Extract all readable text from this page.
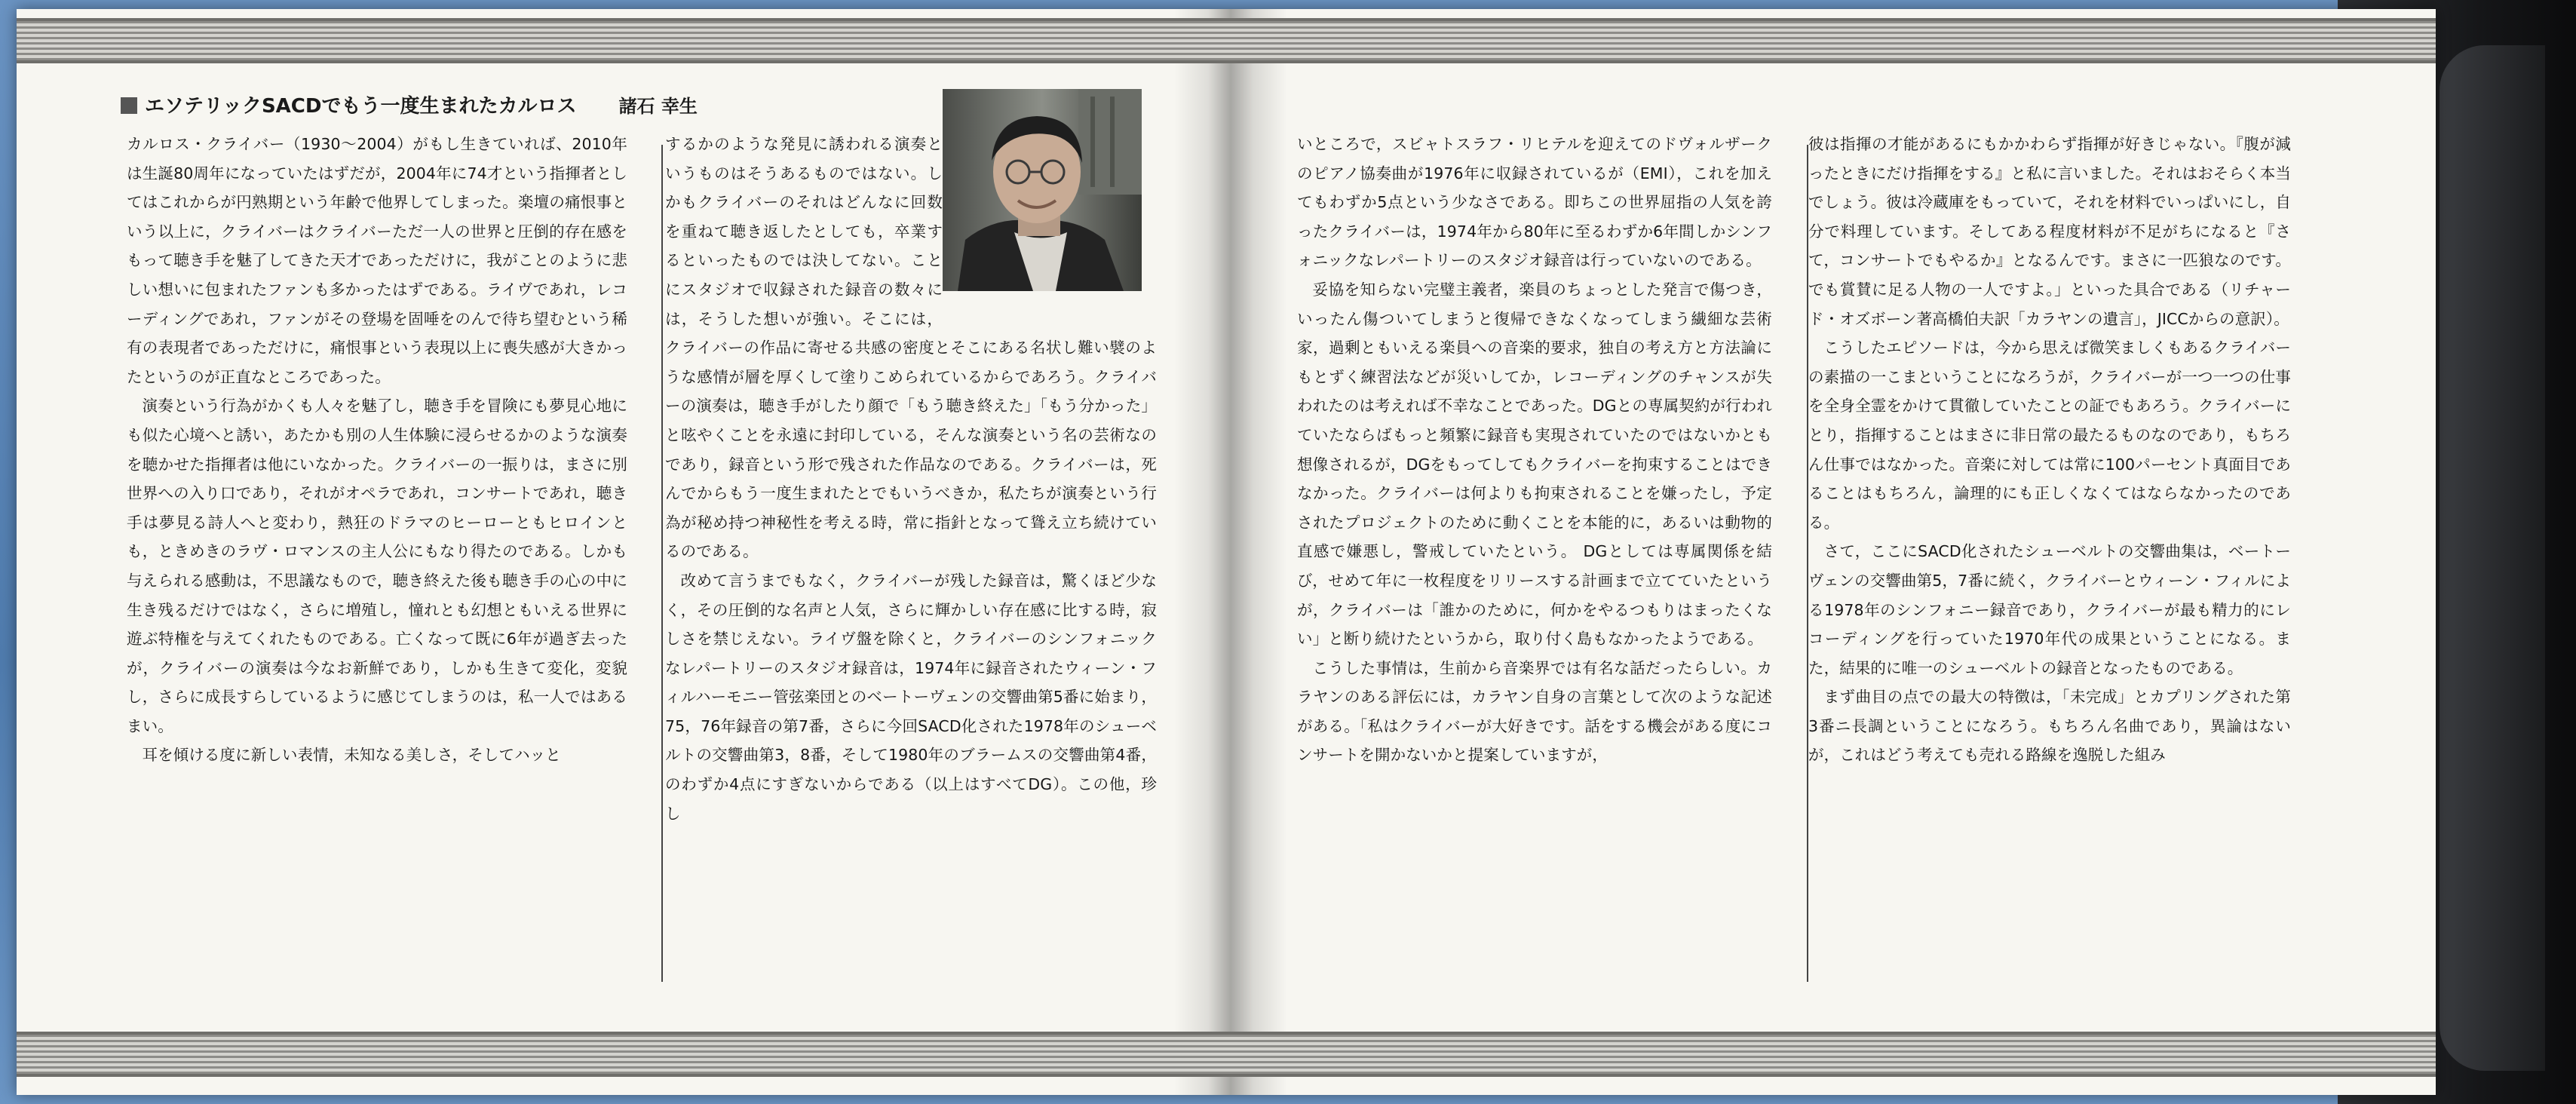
エソテリックSACDでもう一度生まれたカルロス 諸石 幸生

カルロス・クライバー（1930〜2004）がもし生きていれば、2010年は生誕80周年になっていたはずだが，2004年に74才という指揮者としてはこれからが円熟期という年齢で他界してしまった。楽壇の痛恨事という以上に，クライバーはクライバーただ一人の世界と圧倒的存在感をもって聴き手を魅了してきた天才であっただけに，我がことのように悲しい想いに包まれたファンも多かったはずである。ライヴであれ，レコーディングであれ，ファンがその登場を固唾をのんで待ち望むという稀有の表現者であっただけに，痛恨事という表現以上に喪失感が大きかったというのが正直なところであった。

演奏という行為がかくも人々を魅了し，聴き手を冒険にも夢見心地にも似た心境へと誘い，あたかも別の人生体験に浸らせるかのような演奏を聴かせた指揮者は他にいなかった。クライバーの一振りは，まさに別世界への入り口であり，それがオペラであれ，コンサートであれ，聴き手は夢見る詩人へと変わり，熱狂のドラマのヒーローともヒロインとも，ときめきのラヴ・ロマンスの主人公にもなり得たのである。しかも与えられる感動は，不思議なもので，聴き終えた後も聴き手の心の中に生き残るだけではなく，さらに増殖し，憧れとも幻想ともいえる世界に遊ぶ特権を与えてくれたものである。亡くなって既に6年が過ぎ去ったが，クライバーの演奏は今なお新鮮であり，しかも生きて変化，変貌し，さらに成長すらしているように感じてしまうのは，私一人ではあるまい。

耳を傾ける度に新しい表情，未知なる美しさ，そしてハッと

するかのような発見に誘われる演奏というものはそうあるものではない。しかもクライバーのそれはどんなに回数を重ねて聴き返したとしても，卒業するといったものでは決してない。ことにスタジオで収録された録音の数々には，そうした想いが強い。そこには，クライバーの作品に寄せる共感の密度とそこにある名状し難い襞のような感情が層を厚くして塗りこめられているからであろう。クライバーの演奏は，聴き手がしたり顔で「もう聴き終えた」「もう分かった」と呟やくことを永遠に封印している，そんな演奏という名の芸術なのであり，録音という形で残された作品なのである。クライバーは，死んでからもう一度生まれたとでもいうべきか，私たちが演奏という行為が秘め持つ神秘性を考える時，常に指針となって聳え立ち続けているのである。

改めて言うまでもなく，クライバーが残した録音は，驚くほど少なく，その圧倒的な名声と人気，さらに輝かしい存在感に比する時，寂しさを禁じえない。ライヴ盤を除くと，クライバーのシンフォニックなレパートリーのスタジオ録音は，1974年に録音されたウィーン・フィルハーモニー管弦楽団とのベートーヴェンの交響曲第5番に始まり，75，76年録音の第7番，さらに今回SACD化された1978年のシューベルトの交響曲第3，8番，そして1980年のブラームスの交響曲第4番，のわずか4点にすぎないからである（以上はすべてDG）。この他，珍し

いところで，スビャトスラフ・リヒテルを迎えてのドヴォルザークのピアノ協奏曲が1976年に収録されているが（EMI），これを加えてもわずか5点という少なさである。即ちこの世界屈指の人気を誇ったクライバーは，1974年から80年に至るわずか6年間しかシンフォニックなレパートリーのスタジオ録音は行っていないのである。

妥協を知らない完璧主義者，楽員のちょっとした発言で傷つき，いったん傷ついてしまうと復帰できなくなってしまう繊細な芸術家，過剰ともいえる楽員への音楽的要求，独自の考え方と方法論にもとずく練習法などが災いしてか，レコーディングのチャンスが失われたのは考えれば不幸なことであった。DGとの専属契約が行われていたならばもっと頻繁に録音も実現されていたのではないかとも想像されるが，DGをもってしてもクライバーを拘束することはできなかった。クライバーは何よりも拘束されることを嫌ったし，予定されたプロジェクトのために動くことを本能的に，あるいは動物的直感で嫌悪し，警戒していたという。 DGとしては専属関係を結び，せめて年に一枚程度をリリースする計画まで立てていたというが，クライバーは「誰かのために，何かをやるつもりはまったくない」と断り続けたというから，取り付く島もなかったようである。

こうした事情は，生前から音楽界では有名な話だったらしい。カラヤンのある評伝には，カラヤン自身の言葉として次のような記述がある。「私はクライバーが大好きです。話をする機会がある度にコンサートを開かないかと提案していますが，

彼は指揮の才能があるにもかかわらず指揮が好きじゃない。『腹が減ったときにだけ指揮をする』と私に言いました。それはおそらく本当でしょう。彼は冷蔵庫をもっていて，それを材料でいっぱいにし，自分で料理しています。そしてある程度材料が不足がちになると『さて，コンサートでもやるか』となるんです。まさに一匹狼なのです。でも賞賛に足る人物の一人ですよ。」といった具合である（リチャード・オズボーン著高橋伯夫訳「カラヤンの遺言」，JICCからの意訳）。

こうしたエピソードは，今から思えば微笑ましくもあるクライバーの素描の一こまということになろうが，クライバーが一つ一つの仕事を全身全霊をかけて貫徹していたことの証でもあろう。クライバーにとり，指揮することはまさに非日常の最たるものなのであり，もちろん仕事ではなかった。音楽に対しては常に100パーセント真面目であることはもちろん，論理的にも正しくなくてはならなかったのである。

さて，ここにSACD化されたシューベルトの交響曲集は，ベートーヴェンの交響曲第5，7番に続く，クライバーとウィーン・フィルによる1978年のシンフォニー録音であり，クライバーが最も精力的にレコーディングを行っていた1970年代の成果ということになる。また，結果的に唯一のシューベルトの録音となったものである。

まず曲目の点での最大の特徴は，「未完成」とカプリングされた第3番ニ長調ということになろう。もちろん名曲であり，異論はないが，これはどう考えても売れる路線を逸脱した組み
